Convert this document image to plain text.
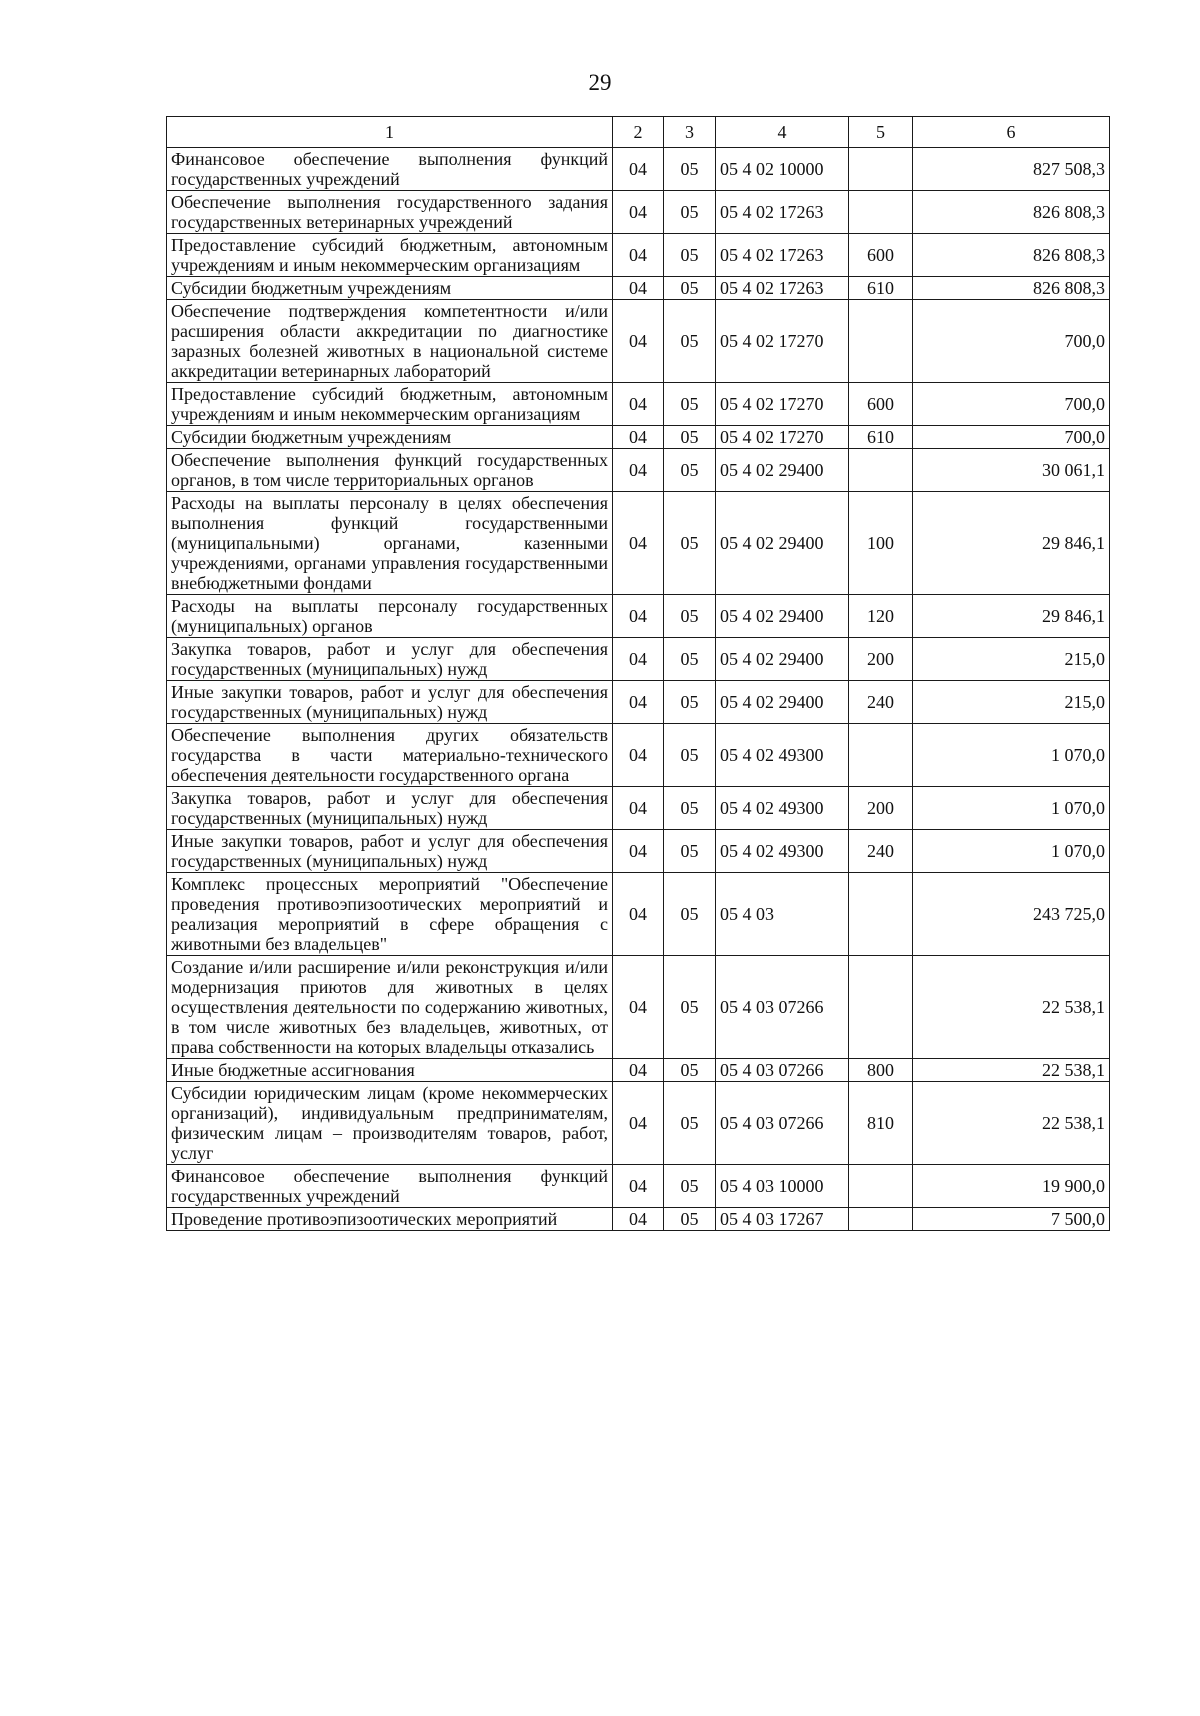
29
1	2	3	4	5	6
Финансовое обеспечение выполнения функций государственных учреждений	04	05	05 4 02 10000		827 508,3
Обеспечение выполнения государственного задания государственных ветеринарных учреждений	04	05	05 4 02 17263		826 808,3
Предоставление субсидий бюджетным, автономным учреждениям и иным некоммерческим организациям	04	05	05 4 02 17263	600	826 808,3
Субсидии бюджетным учреждениям	04	05	05 4 02 17263	610	826 808,3
Обеспечение подтверждения компетентности и/или расширения области аккредитации по диагностике заразных болезней животных в национальной системе аккредитации ветеринарных лабораторий	04	05	05 4 02 17270		700,0
Предоставление субсидий бюджетным, автономным учреждениям и иным некоммерческим организациям	04	05	05 4 02 17270	600	700,0
Субсидии бюджетным учреждениям	04	05	05 4 02 17270	610	700,0
Обеспечение выполнения функций государственных органов, в том числе территориальных органов	04	05	05 4 02 29400		30 061,1
Расходы на выплаты персоналу в целях обеспечения выполнения функций государственными (муниципальными) органами, казенными учреждениями, органами управления государственными внебюджетными фондами	04	05	05 4 02 29400	100	29 846,1
Расходы на выплаты персоналу государственных (муниципальных) органов	04	05	05 4 02 29400	120	29 846,1
Закупка товаров, работ и услуг для обеспечения государственных (муниципальных) нужд	04	05	05 4 02 29400	200	215,0
Иные закупки товаров, работ и услуг для обеспечения государственных (муниципальных) нужд	04	05	05 4 02 29400	240	215,0
Обеспечение выполнения других обязательств государства в части материально-технического обеспечения деятельности государственного органа	04	05	05 4 02 49300		1 070,0
Закупка товаров, работ и услуг для обеспечения государственных (муниципальных) нужд	04	05	05 4 02 49300	200	1 070,0
Иные закупки товаров, работ и услуг для обеспечения государственных (муниципальных) нужд	04	05	05 4 02 49300	240	1 070,0
Комплекс процессных мероприятий "Обеспечение проведения противоэпизоотических мероприятий и реализация мероприятий в сфере обращения с животными без владельцев"	04	05	05 4 03		243 725,0
Создание и/или расширение и/или реконструкция и/или модернизация приютов для животных в целях осуществления деятельности по содержанию животных, в том числе животных без владельцев, животных, от права собственности на которых владельцы отказались	04	05	05 4 03 07266		22 538,1
Иные бюджетные ассигнования	04	05	05 4 03 07266	800	22 538,1
Субсидии юридическим лицам (кроме некоммерческих организаций), индивидуальным предпринимателям, физическим лицам – производителям товаров, работ, услуг	04	05	05 4 03 07266	810	22 538,1
Финансовое обеспечение выполнения функций государственных учреждений	04	05	05 4 03 10000		19 900,0
Проведение противоэпизоотических мероприятий	04	05	05 4 03 17267		7 500,0
